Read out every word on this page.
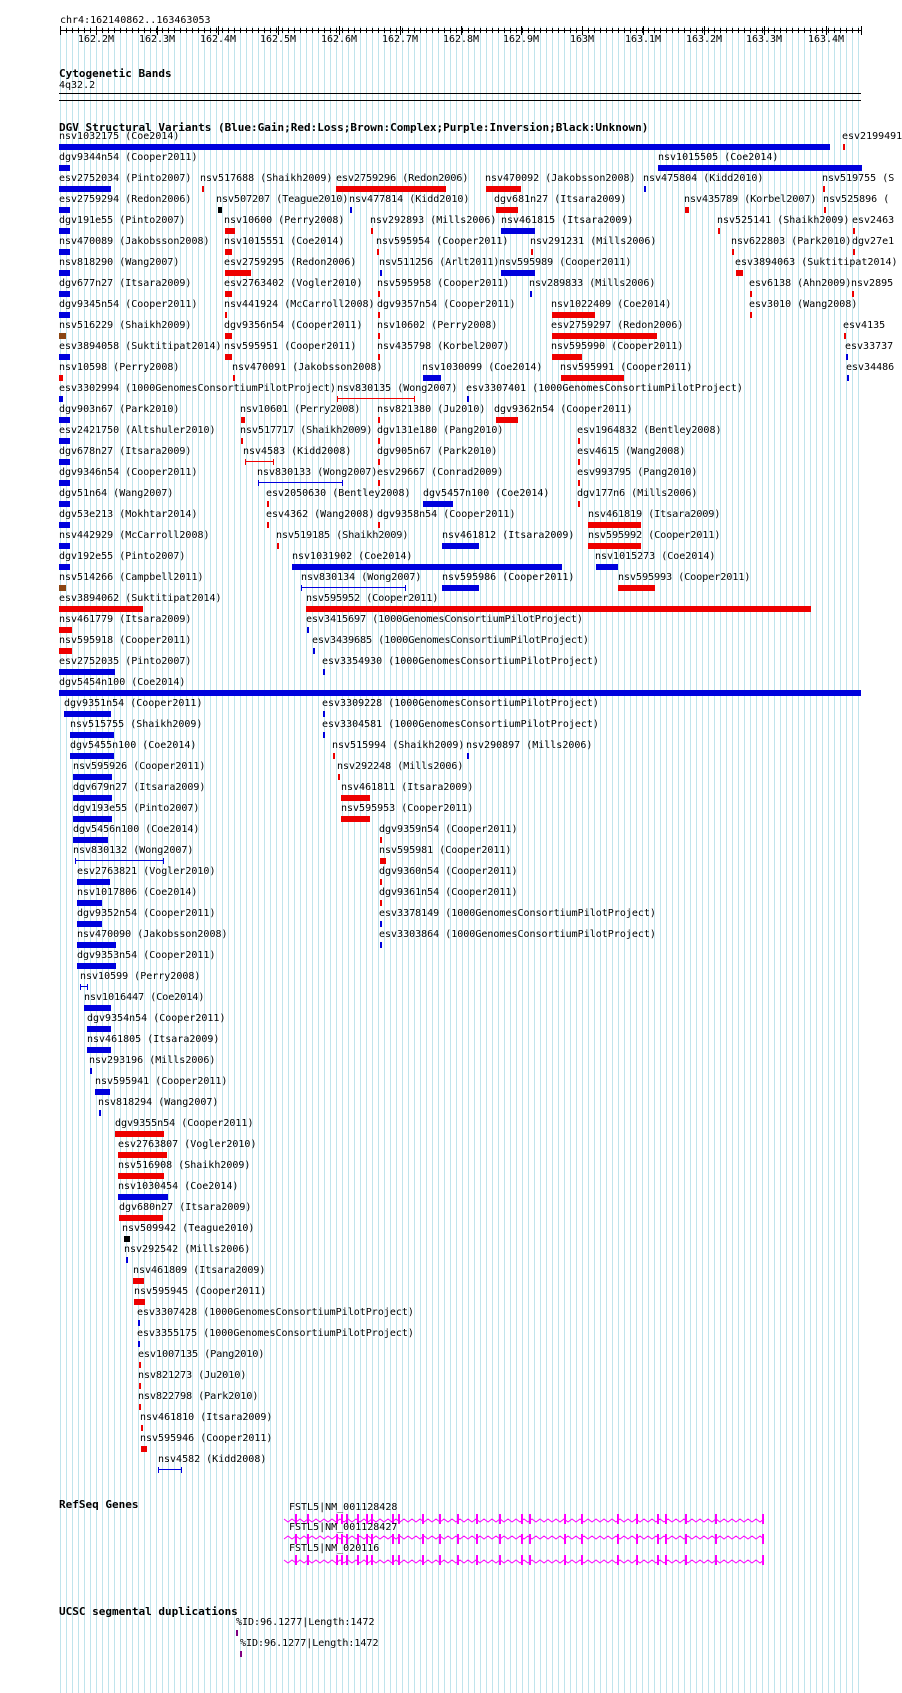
chr4:162140862..163463053
162.2M 162.3M 162.4M 162.5M 162.6M 162.7M 162.8M 162.9M	163M	163.1M 163.2M 163.3M	163.4M
Cytogenetic Bands
4q32.2
DGV Structural Variants (Blue:Gain;Red:Loss;Brown:Complex;Purple:Inversion;Black:Unknown)
nsv1032175 (Coe2014)	esv2199491
dgv9344n54 (Cooper2011)	nsv1015505 (Coe2014)
esv2752034 (Pinto2007) nsv517688 (Shaikh2009) esv2759296 (Redon2006) nsv470092 (Jakobsson2008) nsv475804 (Kidd2010)	nsv519755 (S
esv2759294 (Redon2006) nsv507207 (Teague2010) nsv477814 (Kidd2010) dgv681n27 (Itsara2009)	nsv435789 (Korbel2007) nsv525896 (
dgv191e55 (Pinto2007)	nsv10600 (Perry2008)	nsv292893 (Mills2006) nsv461815 (Itsara2009)	nsv525141 (Shaikh2009) esv2463
nsv470089 (Jakobsson2008) nsv1015551 (Coe2014)	nsv595954 (Cooper2011) nsv291231 (Mills2006)	nsv622803 (Park2010) dgv27e1
nsv818290 (Wang2007)	esv2759295 (Redon2006) nsv511256 (Arlt2011) nsv595989 (Cooper2011)	esv3894063 (Suktitipat2014)
dgv677n27 (Itsara2009)	esv2763402 (Vogler2010) nsv595958 (Cooper2011) nsv289833 (Mills2006)	esv6138 (Ahn2009) nsv2895
dgv9345n54 (Cooper2011)	nsv441924 (McCarroll2008) dgv9357n54 (Cooper2011)	nsv1022409 (Coe2014)	esv3010 (Wang2008)
nsv516229 (Shaikh2009)	dgv9356n54 (Cooper2011) nsv10602 (Perry2008)	esv2759297 (Redon2006)	esv4135
esv3894058 (Suktitipat2014) nsv595951 (Cooper2011) nsv435798 (Korbel2007)	nsv595990 (Cooper2011)	esv33737
nsv10598 (Perry2008)	nsv470091 (Jakobsson2008)	nsv1030099 (Coe2014) nsv595991 (Cooper2011)	esv34486
esv3302994 (1000GenomesConsortiumPilotProject) nsv830135 (Wong2007) esv3307401 (1000GenomesConsortiumPilotProject)
dgv903n67 (Park2010)	nsv10601 (Perry2008) nsv821380 (Ju2010) dgv9362n54 (Cooper2011)
esv2421750 (Altshuler2010) nsv517717 (Shaikh2009) dgv131e180 (Pang2010)	esv1964832 (Bentley2008)
dgv678n27 (Itsara2009)	nsv4583 (Kidd2008)	dgv905n67 (Park2010)	esv4615 (Wang2008)
dgv9346n54 (Cooper2011)	nsv830133 (Wong2007) esv29667 (Conrad2009)	esv993795 (Pang2010)
dgv51n64 (Wang2007)	esv2050630 (Bentley2008) dgv5457n100 (Coe2014)	dgv177n6 (Mills2006)
dgv53e213 (Mokhtar2014)	esv4362 (Wang2008) dgv9358n54 (Cooper2011)	nsv461819 (Itsara2009)
nsv442929 (McCarroll2008)	nsv519185 (Shaikh2009)	nsv461812 (Itsara2009) nsv595992 (Cooper2011)
dgv192e55 (Pinto2007)	nsv1031902 (Coe2014)	nsv1015273 (Coe2014)
nsv514266 (Campbell2011)	nsv830134 (Wong2007) nsv595986 (Cooper2011)	nsv595993 (Cooper2011)
esv3894062 (Suktitipat2014)	nsv595952 (Cooper2011)
nsv461779 (Itsara2009)	esv3415697 (1000GenomesConsortiumPilotProject)
nsv595918 (Cooper2011)	esv3439685 (1000GenomesConsortiumPilotProject)
esv2752035 (Pinto2007)	esv3354930 (1000GenomesConsortiumPilotProject)
dgv5454n100 (Coe2014)
dgv9351n54 (Cooper2011)	esv3309228 (1000GenomesConsortiumPilotProject)
nsv515755 (Shaikh2009)	esv3304581 (1000GenomesConsortiumPilotProject)
dgv5455n100 (Coe2014)	nsv515994 (Shaikh2009) nsv290897 (Mills2006)
nsv595926 (Cooper2011)	nsv292248 (Mills2006)
dgv679n27 (Itsara2009)	nsv461811 (Itsara2009)
dgv193e55 (Pinto2007)	nsv595953 (Cooper2011)
dgv5456n100 (Coe2014)	dgv9359n54 (Cooper2011)
nsv830132 (Wong2007)	nsv595981 (Cooper2011)
esv2763821 (Vogler2010)	dgv9360n54 (Cooper2011)
nsv1017806 (Coe2014)	dgv9361n54 (Cooper2011)
dgv9352n54 (Cooper2011)	esv3378149 (1000GenomesConsortiumPilotProject)
nsv470090 (Jakobsson2008)	esv3303864 (1000GenomesConsortiumPilotProject)
dgv9353n54 (Cooper2011)
nsv10599 (Perry2008)
nsv1016447 (Coe2014)
dgv9354n54 (Cooper2011)
nsv461805 (Itsara2009)
nsv293196 (Mills2006)
nsv595941 (Cooper2011)
nsv818294 (Wang2007)
dgv9355n54 (Cooper2011)
esv2763807 (Vogler2010)
nsv516908 (Shaikh2009)
nsv1030454 (Coe2014)
dgv680n27 (Itsara2009)
nsv509942 (Teague2010)
nsv292542 (Mills2006)
nsv461809 (Itsara2009)
nsv595945 (Cooper2011)
esv3307428 (1000GenomesConsortiumPilotProject)
esv3355175 (1000GenomesConsortiumPilotProject)
esv1007135 (Pang2010)
nsv821273 (Ju2010)
nsv822798 (Park2010)
nsv461810 (Itsara2009)
nsv595946 (Cooper2011)
nsv4582 (Kidd2008)
RefSeq Genes	FSTL5|NM_001128428
FSTL5|NM_001128427
FSTL5|NM_020116
UCSC segmental duplications
%ID:96.1277|Length:1472
%ID:96.1277|Length:1472
